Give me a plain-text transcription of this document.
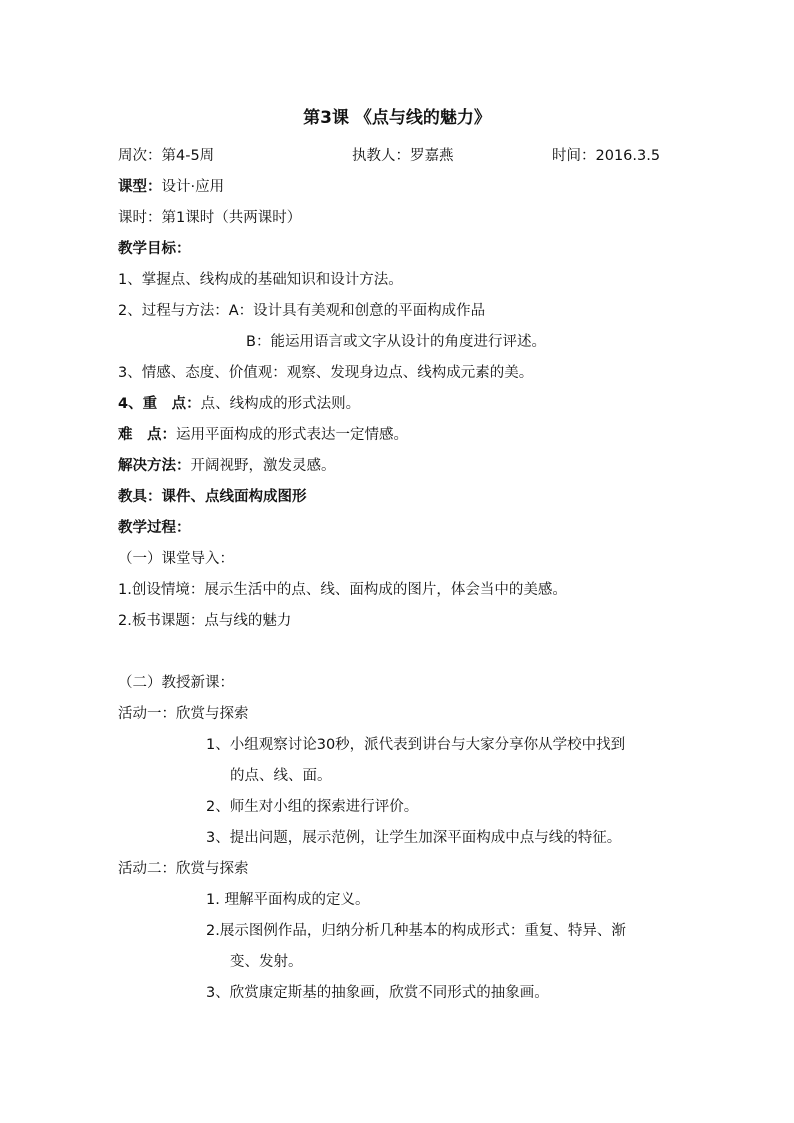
第3课 《点与线的魅力》
周次：第4-5周	执教人：罗嘉燕	时间：2016.3.5
课型：设计·应用
课时：第1课时（共两课时）
教学目标：
1、掌握点、线构成的基础知识和设计方法。
2、过程与方法：A：设计具有美观和创意的平面构成作品
B：能运用语言或文字从设计的角度进行评述。
3、情感、态度、价值观：观察、发现身边点、线构成元素的美。
4、重　点：点、线构成的形式法则。
难　点：运用平面构成的形式表达一定情感。
解决方法：开阔视野，激发灵感。
教具：课件、点线面构成图形
教学过程：
（一）课堂导入：
1.创设情境：展示生活中的点、线、面构成的图片，体会当中的美感。
2.板书课题：点与线的魅力
（二）教授新课：
活动一：欣赏与探索
1、小组观察讨论30秒，派代表到讲台与大家分享你从学校中找到
的点、线、面。
2、师生对小组的探索进行评价。
3、提出问题，展示范例，让学生加深平面构成中点与线的特征。
活动二：欣赏与探索
1. 理解平面构成的定义。
2.展示图例作品，归纳分析几种基本的构成形式：重复、特异、渐
变、发射。
3、欣赏康定斯基的抽象画，欣赏不同形式的抽象画。
